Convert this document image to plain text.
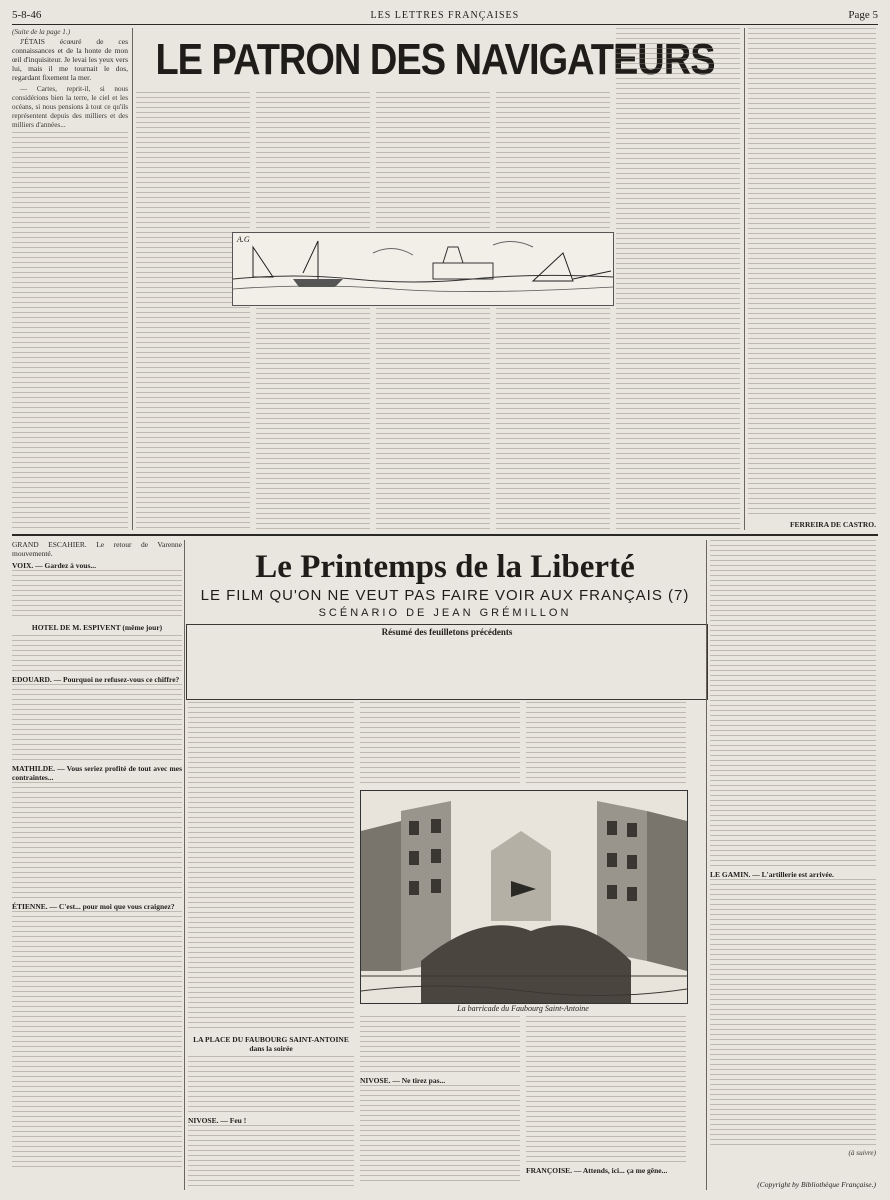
5-8-46	LES LETTRES FRANÇAISES	Page 5
LE PATRON DES NAVIGATEURS
(Suite de la page 1.)

J'ÉTAIS écœuré de ces connaissances et de la honte de mon œil d'inquisiteur. Je levai les yeux vers lui, mais il me tournait le dos, regardant fixement la mer.

— Cartes, reprit-il, si nous considérions bien la terre, le ciel et les océans, si nous pensions à tout ce qu'ils représentent depuis des milliers et des milliers d'années...

A.G
FERREIRA DE CASTRO.
Le Printemps de la Liberté
LE FILM QU'ON NE VEUT PAS FAIRE VOIR AUX FRANÇAIS (7)
SCÉNARIO DE JEAN GRÉMILLON
Résumé des feuilletons précédents
GRAND ESCAHIER. Le retour de Varenne mouvementé.
VOIX. — Gardez à vous...
HOTEL DE M. ESPIVENT (même jour)
EDOUARD. — Pourquoi ne refusez-vous ce chiffre?
MATHILDE. — Vous seriez profité de tout avec mes contraintes...
ÉTIENNE. — C'est... pour moi que vous craignez?
LA PLACE DU FAUBOURG SAINT-ANTOINE dans la soirée
NIVOSE. — Feu !
La barricade du Faubourg Saint-Antoine
NIVOSE. — Ne tirez pas...
FRANÇOISE. — Attends, ici... ça me gêne...
LE GAMIN. — L'artillerie est arrivée.
(à suivre)
(Copyright by Bibliothèque Française.)
